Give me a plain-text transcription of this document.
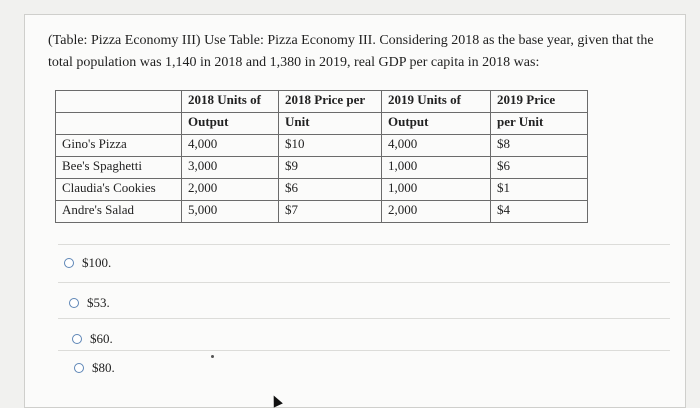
(Table: Pizza Economy III) Use Table: Pizza Economy III. Considering 2018 as the base year, given that the total population was 1,140 in 2018 and 1,380 in 2019, real GDP per capita in 2018 was:
	2018 Units of	2018 Price per	2019 Units of	2019 Price
	Output	Unit	Output	per Unit
Gino's Pizza	4,000	$10	4,000	$8
Bee's Spaghetti	3,000	$9	1,000	$6
Claudia's Cookies	2,000	$6	1,000	$1
Andre's Salad	5,000	$7	2,000	$4
$100.
$53.
$60.
$80.
